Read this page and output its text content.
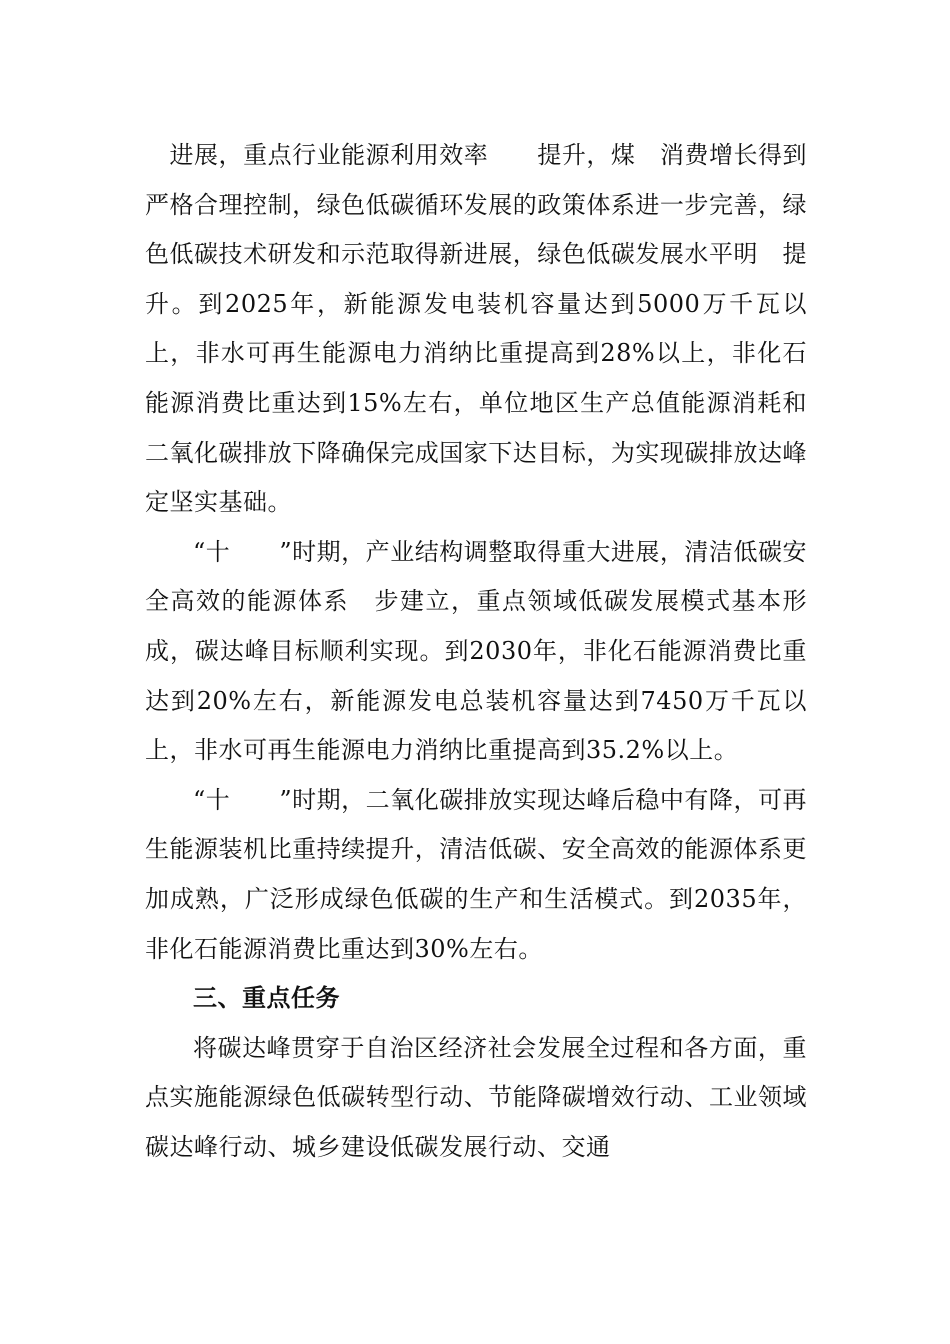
　进展，重点行业能源利用效率　　提升，煤　消费增长得到严格合理控制，绿色低碳循环发展的政策体系进一步完善，绿色低碳技术研发和示范取得新进展，绿色低碳发展水平明　提升。到2025年，新能源发电装机容量达到5000万千瓦以上，非水可再生能源电力消纳比重提高到28%以上，非化石能源消费比重达到15%左右，单位地区生产总值能源消耗和二氧化碳排放下降确保完成国家下达目标，为实现碳排放达峰　定坚实基础。

“十　　”时期，产业结构调整取得重大进展，清洁低碳安全高效的能源体系　步建立，重点领域低碳发展模式基本形成，碳达峰目标顺利实现。到2030年，非化石能源消费比重达到20%左右，新能源发电总装机容量达到7450万千瓦以上，非水可再生能源电力消纳比重提高到35.2%以上。

“十　　”时期，二氧化碳排放实现达峰后稳中有降，可再生能源装机比重持续提升，清洁低碳、安全高效的能源体系更加成熟，广泛形成绿色低碳的生产和生活模式。到2035年，非化石能源消费比重达到30%左右。

三、重点任务

将碳达峰贯穿于自治区经济社会发展全过程和各方面，重点实施能源绿色低碳转型行动、节能降碳增效行动、工业领域碳达峰行动、城乡建设低碳发展行动、交通
